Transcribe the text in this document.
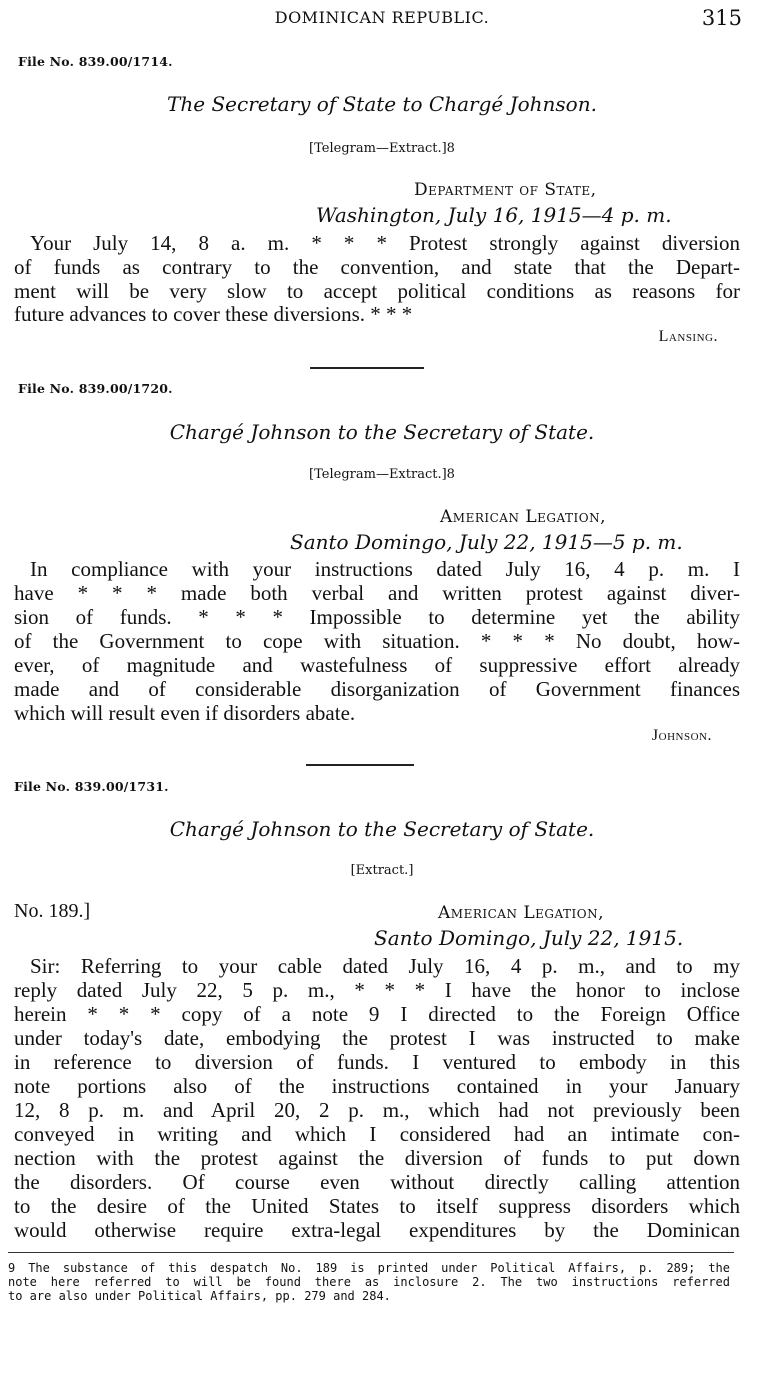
DOMINICAN REPUBLIC.	315
File No. 839.00/1714.
The Secretary of State to Chargé Johnson.
[Telegram—Extract.]8
Department of State,
Washington, July 16, 1915—4 p. m.
Your July 14, 8 a. m. * * * Protest strongly against diversion
of funds as contrary to the convention, and state that the Depart-
ment will be very slow to accept political conditions as reasons for
future advances to cover these diversions. * * *
Lansing.
File No. 839.00/1720.
Chargé Johnson to the Secretary of State.
[Telegram—Extract.]8
American Legation,
Santo Domingo, July 22, 1915—5 p. m.
In compliance with your instructions dated July 16, 4 p. m. I
have * * * made both verbal and written protest against diver-
sion of funds. * * * Impossible to determine yet the ability
of the Government to cope with situation. * * * No doubt, how-
ever, of magnitude and wastefulness of suppressive effort already
made and of considerable disorganization of Government finances
which will result even if disorders abate.
Johnson.
File No. 839.00/1731.
Chargé Johnson to the Secretary of State.
[Extract.]
No. 189.]	American Legation,
Santo Domingo, July 22, 1915.
Sir: Referring to your cable dated July 16, 4 p. m., and to my
reply dated July 22, 5 p. m., * * * I have the honor to inclose
herein * * * copy of a note 9 I directed to the Foreign Office
under today's date, embodying the protest I was instructed to make
in reference to diversion of funds. I ventured to embody in this
note portions also of the instructions contained in your January
12, 8 p. m. and April 20, 2 p. m., which had not previously been
conveyed in writing and which I considered had an intimate con-
nection with the protest against the diversion of funds to put down
the disorders. Of course even without directly calling attention
to the desire of the United States to itself suppress disorders which
would otherwise require extra-legal expenditures by the Dominican
9 The substance of this despatch No. 189 is printed under Political Affairs, p. 289; the
note here referred to will be found there as inclosure 2. The two instructions referred
to are also under Political Affairs, pp. 279 and 284.
